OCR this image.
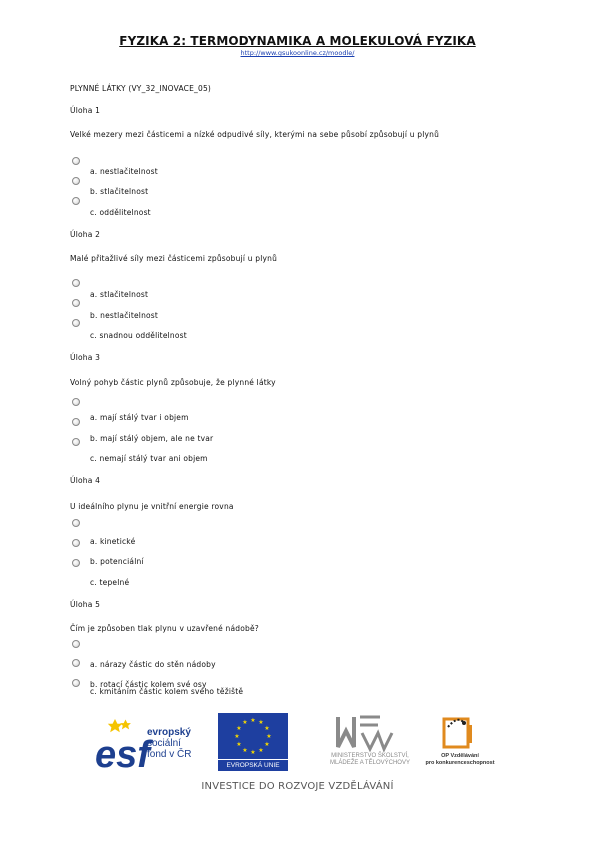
FYZIKA 2: TERMODYNAMIKA A MOLEKULOVÁ FYZIKA
http://www.gsukoonline.cz/moodle/
PLYNNÉ LÁTKY (VY_32_INOVACE_05)
Úloha 1
Velké mezery mezi částicemi a nízké odpudivé síly, kterými na sebe působí způsobují u plynů
a. nestlačitelnost
b. stlačitelnost
c. oddělitelnost
Úloha 2
Malé přitažlivé síly mezi částicemi způsobují u plynů
a. stlačitelnost
b. nestlačitelnost
c. snadnou oddělitelnost
Úloha 3
Volný pohyb částic plynů způsobuje, že plynné látky
a. mají stálý tvar i objem
b. mají stálý objem, ale ne tvar
c. nemají stálý tvar ani objem
Úloha 4
U ideálního plynu je vnitřní energie rovna
a. kinetické
b. potenciální
c. tepelné
Úloha 5
Čím je způsoben tlak plynu v uzavřené nádobě?
a. nárazy částic do stěn nádoby
b. rotací částic kolem své osy
c. kmitáním částic kolem svého těžiště
esf
evropský
sociální
fond v ČR
★ ★
★
★
★
★
★
★
★
★
★
★
EVROPSKÁ UNIE
MINISTERSTVO ŠKOLSTVÍ,
MLÁDEŽE A TĚLOVÝCHOVY
OP Vzdělávání
pro konkurenceschopnost
INVESTICE DO ROZVOJE VZDĚLÁVÁNÍ
